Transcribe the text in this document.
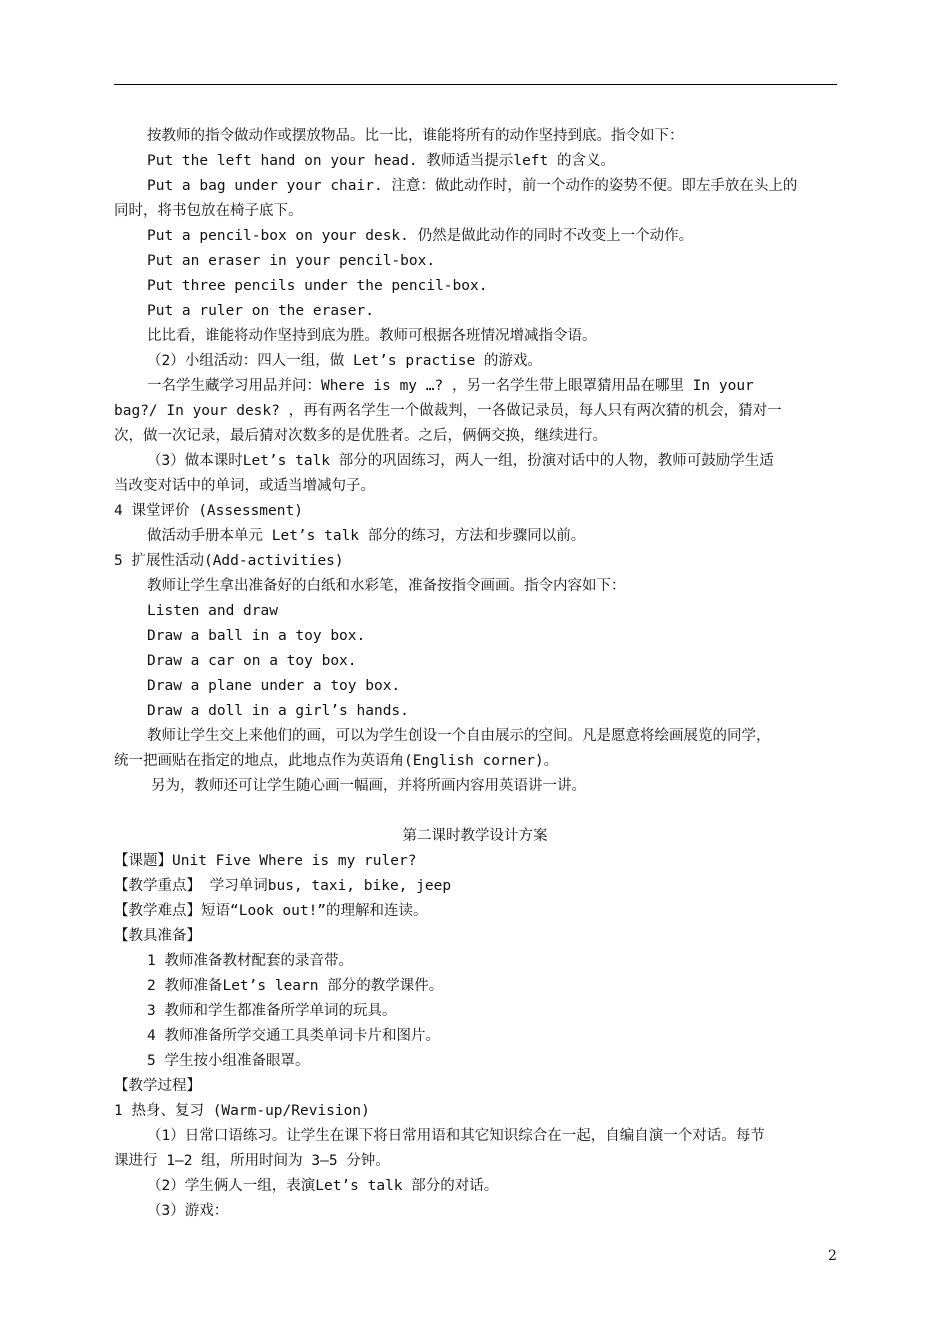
按教师的指令做动作或摆放物品。比一比，谁能将所有的动作坚持到底。指令如下：
Put the left hand on your head. 教师适当提示left 的含义。
Put a bag under your chair. 注意：做此动作时，前一个动作的姿势不便。即左手放在头上的
同时，将书包放在椅子底下。
Put a pencil-box on your desk. 仍然是做此动作的同时不改变上一个动作。
Put an eraser in your pencil-box.
Put three pencils under the pencil-box.
Put a ruler on the eraser.
比比看，谁能将动作坚持到底为胜。教师可根据各班情况增减指令语。
（2）小组活动：四人一组，做 Let’s practise 的游戏。
一名学生藏学习用品并问：Where is my …? ，另一名学生带上眼罩猜用品在哪里 In your
bag?/ In your desk? ，再有两名学生一个做裁判，一各做记录员，每人只有两次猜的机会，猜对一
次，做一次记录，最后猜对次数多的是优胜者。之后，俩俩交换，继续进行。
（3）做本课时Let’s talk 部分的巩固练习，两人一组，扮演对话中的人物，教师可鼓励学生适
当改变对话中的单词，或适当增减句子。
4 课堂评价 (Assessment)
做活动手册本单元 Let’s talk 部分的练习，方法和步骤同以前。
5 扩展性活动(Add-activities)
教师让学生拿出准备好的白纸和水彩笔，准备按指令画画。指令内容如下：
Listen and draw
Draw a ball in a toy box.
Draw a car on a toy box.
Draw a plane under a toy box.
Draw a doll in a girl’s hands.
教师让学生交上来他们的画，可以为学生创设一个自由展示的空间。凡是愿意将绘画展览的同学，
统一把画贴在指定的地点，此地点作为英语角(English corner)。
另为，教师还可让学生随心画一幅画，并将所画内容用英语讲一讲。
第二课时教学设计方案
【课题】Unit Five Where is my ruler?
【教学重点】 学习单词bus, taxi, bike, jeep
【教学难点】短语“Look out!”的理解和连读。
【教具准备】
1 教师准备教材配套的录音带。
2 教师准备Let’s learn 部分的教学课件。
3 教师和学生都准备所学单词的玩具。
4 教师准备所学交通工具类单词卡片和图片。
5 学生按小组准备眼罩。
【教学过程】
1 热身、复习 (Warm-up/Revision)
（1）日常口语练习。让学生在课下将日常用语和其它知识综合在一起，自编自演一个对话。每节
课进行 1—2 组，所用时间为 3—5 分钟。
（2）学生俩人一组，表演Let’s talk 部分的对话。
（3）游戏：
2
